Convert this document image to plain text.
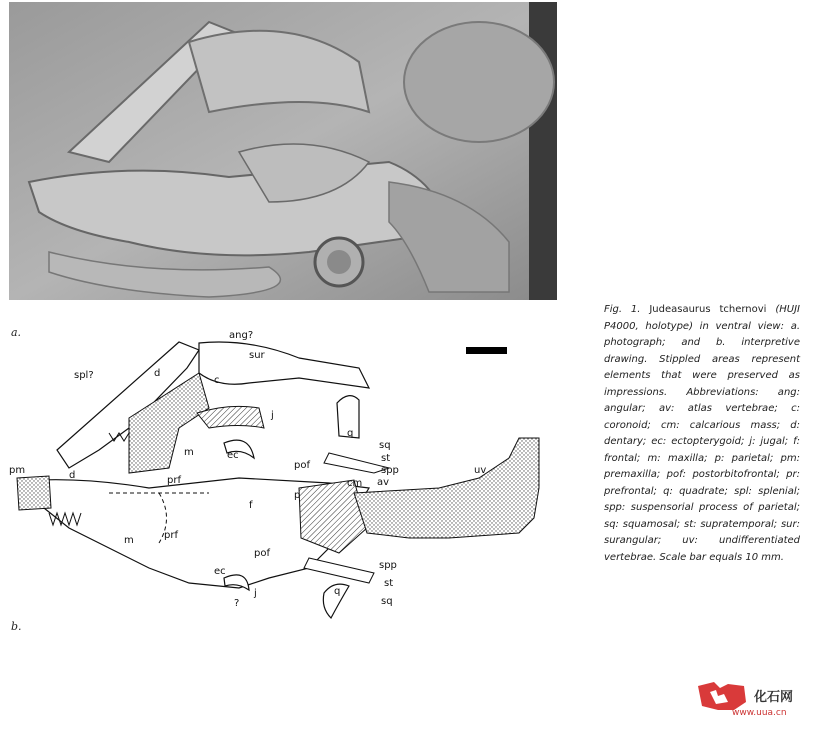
a.
b.
ang?
sur
spl?	d
c
j
m	ec
q
sq
st
spp
pof
cm av
uv
pm	d	prf
f
p
prf
m
pof
spp
ec
st
j	q
sq
?
Fig. 1. Judeasaurus tchernovi (HUJI P4000, holotype) in ventral view: a. photograph; and b. interpretive drawing. Stippled areas represent elements that were preserved as impressions. Abbreviations: ang: angular; av: atlas vertebrae; c: coronoid; cm: calcarious mass; d: dentary; ec: ectopterygoid; j: jugal; f: frontal; m: maxilla; p: parietal; pm: premaxilla; pof: postorbitofrontal; pr: prefrontal; q: quadrate; spl: splenial; spp: suspensorial process of parietal; sq: squamosal; st: supratemporal; sur: surangular; uv: undifferentiated vertebrae. Scale bar equals 10 mm.
化石网
www.uua.cn
